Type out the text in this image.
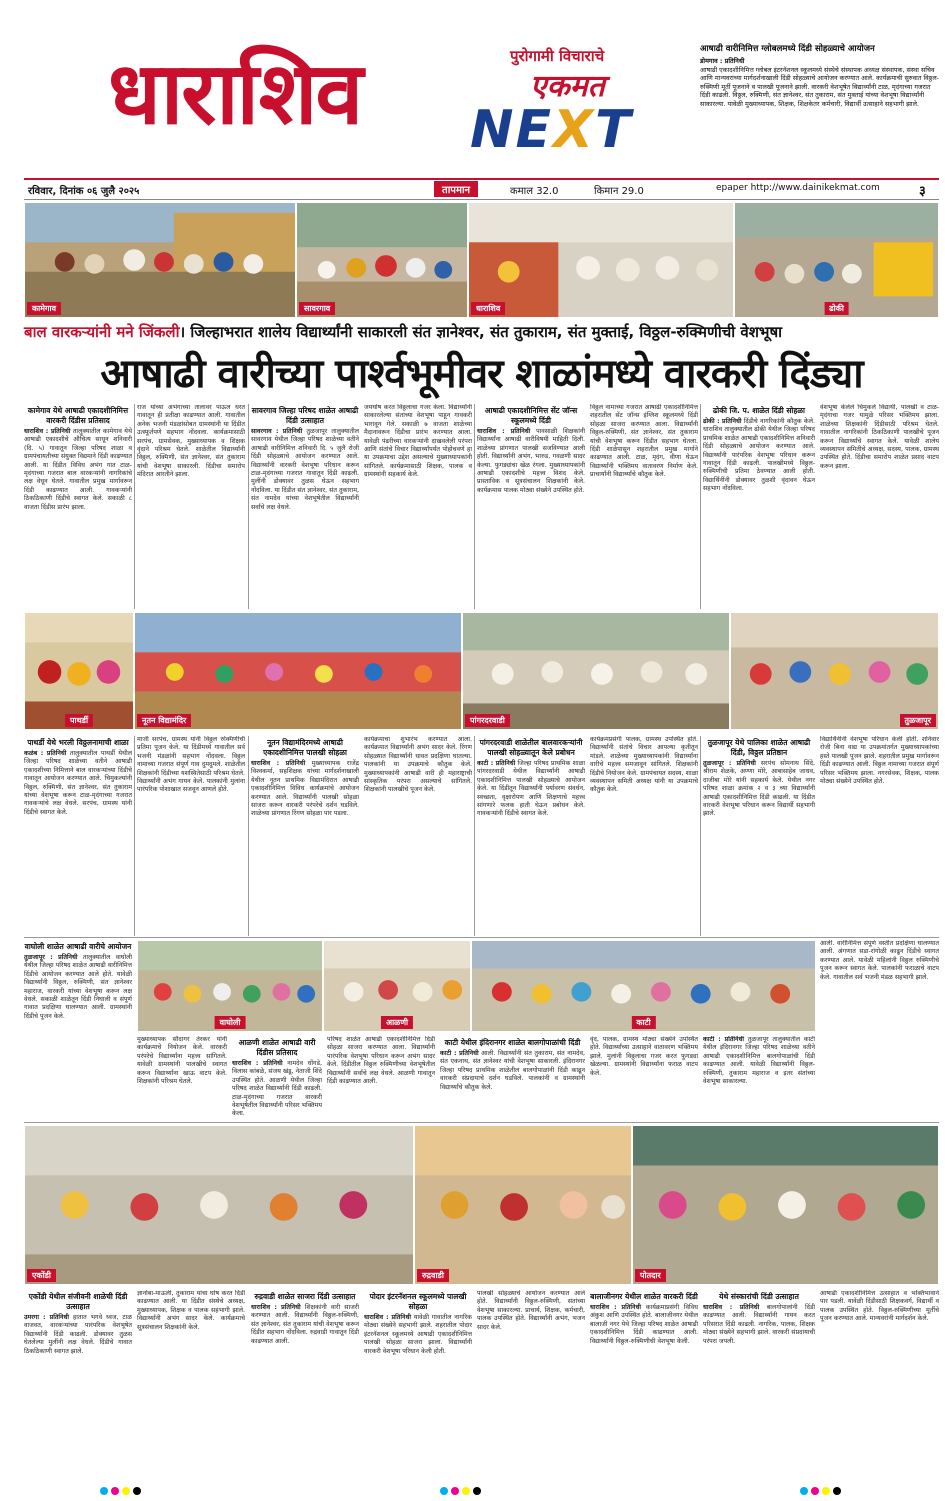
धाराशिव	पुरोगामी विचाराचे
एकमत
NEXT
आषाढी वारीनिमित्त ग्लोबलमध्ये दिंडी सोहळ्याचे आयोजन
डोमगाव : प्रतिनिधी
आषाढी एकादशीनिमित्त ग्लोबल इंटरनॅशनल स्कूलमध्ये संस्थेचे संस्थापक अध्यक्ष संस्थापक, संस्था सचिव आणि मान्यवरांच्या मार्गदर्शनाखाली दिंडी सोहळ्याचे आयोजन करण्यात आले. कार्यक्रमाची सुरुवात विठ्ठल-रुक्मिणी मूर्ती पूजनाने व पालखी पूजनाने झाली. वारकरी वेशभूषेत विद्यार्थ्यांनी टाळ, मृदंगाच्या गजरात दिंडी काढली. विठ्ठल, रुक्मिणी, संत ज्ञानेश्वर, संत तुकाराम, संत मुक्ताई यांच्या वेशभूषा विद्यार्थ्यांनी साकारल्या. यावेळी मुख्याध्यापक, शिक्षक, शिक्षकेतर कर्मचारी, विद्यार्थी उत्साहाने सहभागी झाले.
रविवार, दिनांक ०६ जुलै २०२५	तापमान	कमाल 32.0	किमान 29.0	epaper http://www.dainikekmat.com	३
कामेगाव	सावरगाव	धाराशिव	ढोकी
बाल वारकऱ्यांनी मने जिंकली। जिल्हाभरात शालेय विद्यार्थ्यांनी साकारली संत ज्ञानेश्वर, संत तुकाराम, संत मुक्ताई, विठ्ठल-रुक्मिणीची वेशभूषा
आषाढी वारीच्या पार्श्वभूमीवर शाळांमध्ये वारकरी दिंड्या
कामेगाव येथे आषाढी एकादशीनिमित्त वारकरी दिंडीस प्रतिसाद
धाराशिव : प्रतिनिधी तालुक्यातील कामेगाव येथे आषाढी एकादशीचे औचित्य साधून शनिवारी (दि. ५) गावातून जिल्हा परिषद शाळा व ग्रामपंचायतीच्या संयुक्त विद्यमाने दिंडी काढण्यात आली. या दिंडीत विविध अभंग गात टाळ-मृदंगाच्या गजरात बाल वारकऱ्यांनी नागरिकांचे लक्ष वेधून घेतले. गावातील प्रमुख मार्गावरून दिंडी काढण्यात आली. गावकऱ्यांनी ठिकठिकाणी दिंडीचे स्वागत केले. सकाळी ८ वाजता दिंडीस प्रारंभ झाला.
राज यांच्या अभंगाच्या तालावर पाऊल धरत गावातून ही प्रतीक्षा काढण्यात आली. गावातील अनेक भजनी मंडळांसोबत ग्रामस्थांनी या दिंडीत उत्स्फूर्तपणे सहभाग नोंदवला. कार्यक्रमासाठी सरपंच, ग्रामसेवक, मुख्याध्यापक व शिक्षक वृंदाने परिश्रम घेतले. शाळेतील विद्यार्थ्यांनी विठ्ठल, रुक्मिणी, संत ज्ञानेश्वर, संत तुकाराम यांची वेशभूषा साकारली. दिंडीचा समारोप मंदिरात आरतीने झाला.
सावरगाव जिल्हा परिषद शाळेत आषाढी दिंडी उत्साहात
सावरगाव : प्रतिनिधी तुळजापूर तालुक्यातील सावरगाव येथील जिल्हा परिषद शाळेच्या वतीने आषाढी वारीनिमित्त शनिवारी दि. ५ जुलै रोजी दिंडी सोहळ्याचे आयोजन करण्यात आले. विद्यार्थ्यांनी वारकरी वेशभूषा परिधान करून टाळ-मृदंगाच्या गजरात गावातून दिंडी काढली. मुलींनी डोक्यावर तुळस घेऊन सहभाग नोंदविला. या दिंडीत संत ज्ञानेश्वर, संत तुकाराम, संत नामदेव यांच्या वेशभूषेतील विद्यार्थ्यांनी सर्वांचे लक्ष वेधले.
जयघोष करत विठ्ठलाचा गजर केला. विद्यार्थ्यांनी साकारलेल्या संतांच्या वेशभूषा पाहून गावकरी भारावून गेले. सकाळी ७ वाजता शाळेच्या मैदानावरून दिंडीचा प्रारंभ करण्यात आला. यावेळी पंढरीच्या वारकऱ्यांनी दाखवलेली परंपरा आणि संतांचे विचार विद्यार्थ्यांपर्यंत पोहोचवणे हा या उपक्रमाचा उद्देश असल्याचे मुख्याध्यापकांनी सांगितले. कार्यक्रमासाठी शिक्षक, पालक व ग्रामस्थांनी सहकार्य केले.
आषाढी एकादशीनिमित्त सेंट जॉन्स स्कूलमध्ये दिंडी
धाराशिव : प्रतिनिधी पावसाळी शिक्षकांनी विद्यार्थ्यांना आषाढी वारीविषयी माहिती दिली. शाळेच्या प्रांगणात पालखी सजविण्यात आली होती. विद्यार्थ्यांनी अभंग, भारुड, गवळणी सादर केल्या. फुगड्यांचा खेळ रंगला. मुख्याध्यापकांनी आषाढी एकादशीचे महत्त्व विशद केले. प्रास्ताविक व सूत्रसंचालन शिक्षकांनी केले. कार्यक्रमास पालक मोठ्या संख्येने उपस्थित होते.
विठ्ठल नामाच्या गजरात आषाढी एकादशीनिमित्त शहरातील सेंट जॉन्स इंग्लिश स्कूलमध्ये दिंडी सोहळा साजरा करण्यात आला. विद्यार्थ्यांनी विठ्ठल-रुक्मिणी, संत ज्ञानेश्वर, संत तुकाराम यांची वेशभूषा करून दिंडीत सहभाग घेतला. दिंडी शाळेपासून शहरातील प्रमुख मार्गाने काढण्यात आली. टाळ, मृदंग, वीणा घेऊन विद्यार्थ्यांनी भक्तिमय वातावरण निर्माण केले. प्राचार्यांनी विद्यार्थ्यांचे कौतुक केले.
ढोकी जि. प. शाळेत दिंडी सोहळा
ढोकी : प्रतिनिधी दिंडीचे नागरिकांनी कौतुक केले. धाराशिव तालुक्यातील ढोकी येथील जिल्हा परिषद प्राथमिक शाळेत आषाढी एकादशीनिमित्त शनिवारी दिंडी सोहळ्याचे आयोजन करण्यात आले. विद्यार्थ्यांनी पारंपरिक वेशभूषा परिधान करून गावातून दिंडी काढली. पालखीमध्ये विठ्ठल-रुक्मिणीची प्रतिमा ठेवण्यात आली होती. विद्यार्थिनींनी डोक्यावर तुळशी वृंदावन घेऊन सहभाग नोंदविला.
वेशभूषा केलेले चिमुकले विद्यार्थी, पालखी व टाळ-मृदंगाचा गजर यामुळे परिसर भक्तिमय झाला. शाळेच्या शिक्षकांनी दिंडीसाठी परिश्रम घेतले. गावातील नागरिकांनी ठिकठिकाणी पालखीचे पूजन करून विद्यार्थ्यांचे स्वागत केले. यावेळी शालेय व्यवस्थापन समितीचे अध्यक्ष, सदस्य, पालक, ग्रामस्थ उपस्थित होते. दिंडीचा समारोप शाळेत प्रसाद वाटप करून झाला.
पाथर्डी	नूतन विद्यामंदिर	पांगरदरवाडी	तुळजापूर
पाथर्डी येथे भरली विठ्ठलनामाची शाळा
कळंब : प्रतिनिधी तालुक्यातील पाथर्डी येथील जिल्हा परिषद शाळेच्या वतीने आषाढी एकादशीच्या निमित्ताने बाल वारकऱ्यांच्या दिंडीचे गावातून आयोजन करण्यात आले. चिमुकल्यांनी विठ्ठल, रुक्मिणी, संत ज्ञानेश्वर, संत तुकाराम यांच्या वेशभूषा करून टाळ-मृदंगाच्या गजरात गावकऱ्यांचे लक्ष वेधले. सरपंच, ग्रामस्थ यांनी दिंडीचे स्वागत केले.
माजी सरपंच, ग्रामस्थ यांनी विठ्ठल रुक्मिणीची प्रतिमा पूजन केले. या दिंडीमध्ये गावातील सर्व भजनी मंडळांनी सहभाग नोंदवला. विठ्ठल नामाच्या गजरात संपूर्ण गाव दुमदुमले. शाळेतील शिक्षकांनी दिंडीच्या यशस्वितेसाठी परिश्रम घेतले. विद्यार्थ्यांनी अभंग गायन केले. पालकांनी मुलांना पारंपरिक पोशाखात सजवून आणले होते.
नूतन विद्यामंदिरमध्ये आषाढी एकादशीनिमित्त पालखी सोहळा
धाराशिव : प्रतिनिधी मुख्याध्यापक राजेंद्र विश्वकर्मा, सहशिक्षक यांच्या मार्गदर्शनाखाली येथील नूतन प्राथमिक विद्यामंदिरात आषाढी एकादशीनिमित्त विविध कार्यक्रमांचे आयोजन करण्यात आले. विद्यार्थ्यांनी पालखी सोहळा साजरा करून वारकरी परंपरेचे दर्शन घडविले. शाळेच्या प्रांगणात रिंगण सोहळा पार पडला.
कार्यक्रमाचा शुभारंभ करण्यात आला. कार्यक्रमात विद्यार्थ्यांनी अभंग सादर केले. रिंगण सोहळ्यात विद्यार्थ्यांनी धावत प्रदक्षिणा घातल्या. पालकांनी या उपक्रमाचे कौतुक केले. मुख्याध्यापकांनी आषाढी वारी ही महाराष्ट्राची सांस्कृतिक परंपरा असल्याचे सांगितले. शिक्षकांनी पालखीचे पूजन केले.
पांगरदरवाडी शाळेतील बालवारकऱ्यांनी पालखी सोहळ्यातून केले प्रबोधन
काटी : प्रतिनिधी जिल्हा परिषद प्राथमिक शाळा पांगरदरवाडी येथील विद्यार्थ्यांनी आषाढी एकादशीनिमित्त पालखी सोहळ्याचे आयोजन केले. या दिंडीतून विद्यार्थ्यांनी पर्यावरण संवर्धन, स्वच्छता, वृक्षारोपण आणि शिक्षणाचे महत्त्व सांगणारे फलक हाती घेऊन प्रबोधन केले. गावकऱ्यांनी दिंडीचे स्वागत केले.
कार्यक्रमप्रसंगी पालक, ग्रामस्थ उपस्थित होते. विद्यार्थ्यांनी संतांचे विचार आपल्या कृतीतून मांडले. शाळेच्या मुख्याध्यापकांनी विद्यार्थ्यांना वारीचे महत्त्व समजावून सांगितले. शिक्षकांनी दिंडीचे नियोजन केले. ग्रामपंचायत सदस्य, शाळा व्यवस्थापन समिती अध्यक्ष यांनी या उपक्रमाचे कौतुक केले.
तुळजापूर येथे पालिका शाळेत आषाढी दिंडी, विठ्ठल प्रतिष्ठान
तुळजापूर : प्रतिनिधी सरपंच सोमनाथ सिंदे, श्रीराम शेळके, अण्णा मोरे, आबासाहेब जाधव, दाजीबा मोरे यांनी सहकार्य केले. येथील नगर परिषद शाळा क्रमांक २ व ३ च्या विद्यार्थ्यांनी आषाढी एकादशीनिमित्त दिंडी काढली. या दिंडीत वारकरी वेशभूषा परिधान करून विद्यार्थी सहभागी झाले.
विद्यार्थिनींनी वेशभूषा परिधान केली होती. शनिवार रोजी बिना वाद्य या उपक्रमांतर्गत मुख्याध्यापकांच्या हस्ते पालखी पूजन झाले. शहरातील प्रमुख मार्गावरून दिंडी काढण्यात आली. विठ्ठल नामाच्या गजरात संपूर्ण परिसर भक्तिमय झाला. नगरसेवक, शिक्षक, पालक मोठ्या संख्येने उपस्थित होते.
वाघोली शाळेत आषाढी वारीचे आयोजन
तुळजापूर : प्रतिनिधी तालुक्यातील वाघोली येथील जिल्हा परिषद शाळेत आषाढी वारीनिमित्त दिंडीचे आयोजन करण्यात आले होते. यावेळी विद्यार्थ्यांनी विठ्ठल, रुक्मिणी, संत ज्ञानेश्वर महाराज, वारकरी यांच्या वेशभूषा करून लक्ष वेधले. सकाळी शाळेतून दिंडी निघाली व संपूर्ण गावात प्रदक्षिणा घालण्यात आली. ग्रामस्थांनी दिंडीचे पूजन केले.
वाघोली	आळणी	काटी
आली. वारीनिमित्त संपूर्ण वस्तीत प्रदक्षिणा घालण्यात आली. अंगणात सडा-रांगोळी काढून दिंडीचे स्वागत करण्यात आले. यावेळी महिलांनी विठ्ठल रुक्मिणीचे पूजन करून स्वागत केले. पालकांनी फराळाचे वाटप केले. गावातील सर्व भजनी मंडळ सहभागी झाले.
मुख्याध्यापक सौदागर तेरकर यांनी कार्यक्रमाचे नियोजन केले. वारकरी परंपरेचे विद्यार्थ्यांना महत्त्व सांगितले. यावेळी ग्रामस्थांनी पालखीचे स्वागत करून विद्यार्थ्यांना खाऊ वाटप केले. शिक्षकांनी परिश्रम घेतले.
आळणी शाळेत आषाढी वारी दिंडीस प्रतिसाद
धाराशिव : प्रतिनिधी नामदेव धोंगडे, विलास कांबळे, संजय खंडू, नेताजी शिंदे उपस्थित होते. आळणी येथील जिल्हा परिषद शाळेत विद्यार्थ्यांनी दिंडी काढली. टाळ-मृदंगाच्या गजरात वारकरी वेशभूषेतील विद्यार्थ्यांनी परिसर भक्तिमय केला.
परिषद शाळेत आषाढी एकादशीनिमित्त दिंडी सोहळा साजरा करण्यात आला. विद्यार्थ्यांनी पारंपरिक वेशभूषा परिधान करून अभंग सादर केले. दिंडीतील विठ्ठल रुक्मिणीच्या वेशभूषेतील विद्यार्थ्यांनी सर्वांचे लक्ष वेधले. आळणी गावातून दिंडी काढण्यात आली.
काटी येथील इंदिरानगर शाळेत बालगोपाळांची दिंडी
काटी : प्रतिनिधी आली. विद्यार्थ्यांनी संत तुकाराम, संत नामदेव, संत एकनाथ, संत ज्ञानेश्वर यांची वेशभूषा साकारली. इंदिरानगर जिल्हा परिषद प्राथमिक शाळेतील बालगोपाळांनी दिंडी काढून वारकरी संप्रदायाचे दर्शन घडविले. पालकांनी व ग्रामस्थांनी विद्यार्थ्यांचे कौतुक केले.
वृंद, पालक, ग्रामस्थ मोठ्या संख्येने उपस्थित होते. विद्यार्थ्यांच्या उत्साहाने वातावरण भक्तिमय झाले. मुलांनी विठ्ठलाचा गजर करत फुगड्या खेळल्या. ग्रामस्थांनी विद्यार्थ्यांना फराळ वाटप केले.
काटी : प्रतिनिधी तुळजापूर तालुक्यातील काटी येथील इंदिरानगर जिल्हा परिषद शाळेच्या वतीने आषाढी एकादशीनिमित्त बालगोपाळांची दिंडी काढण्यात आली. यावेळी विद्यार्थ्यांनी विठ्ठल-रुक्मिणी, तुकाराम महाराज व इतर संतांच्या वेशभूषा साकारल्या.
एकोंडी	रुद्रवाडी	पोतदार
एकोंडी येथील संजीवनी शाळेची दिंडी उत्साहात
उमरगा : प्रतिनिधी हातात भगवे ध्वज, टाळ वाजवत, वारकऱ्यांच्या पारंपरिक वेशभूषेत विद्यार्थ्यांनी दिंडी काढली. डोक्यावर तुळस घेतलेल्या मुलींनी लक्ष वेधले. दिंडीचे गावात ठिकठिकाणी स्वागत झाले.
ज्ञानोबा-माऊली, तुकाराम यांचा घोष करत दिंडी काढण्यात आली. या दिंडीत संस्थेचे अध्यक्ष, मुख्याध्यापक, शिक्षक व पालक सहभागी झाले. विद्यार्थ्यांनी अभंग सादर केले. कार्यक्रमाचे सूत्रसंचालन शिक्षकांनी केले.
रुद्रवाडी शाळेत साजरा दिंडी उत्साहात
धाराशिव : प्रतिनिधी शिक्षकांनी वारी साजरी करण्यात आली. विद्यार्थ्यांनी विठ्ठल-रुक्मिणी, संत ज्ञानेश्वर, संत तुकाराम यांची वेशभूषा करून दिंडीत सहभाग नोंदविला. रुद्रवाडी गावातून दिंडी काढण्यात आली.
पोदार इंटरनॅशनल स्कूलमध्ये पालखी सोहळा
धाराशिव : प्रतिनिधी यावेळी गावातील नागरिक मोठ्या संख्येने सहभागी झाले. शहरातील पोदार इंटरनॅशनल स्कूलमध्ये आषाढी एकादशीनिमित्त पालखी सोहळा साजरा झाला. विद्यार्थ्यांनी वारकरी वेशभूषा परिधान केली होती.
पालखी सोहळ्याचे आयोजन करण्यात आले होते. विद्यार्थ्यांनी विठ्ठल-रुक्मिणी, संतांच्या वेशभूषा साकारल्या. प्राचार्य, शिक्षक, कर्मचारी, पालक उपस्थित होते. विद्यार्थ्यांनी अभंग, भजन सादर केले.
बालाजीनगर येथील शाळेत वारकरी दिंडी
धाराशिव : प्रतिनिधी कार्यक्रमाप्रसंगी विविध अंकुश आणि उपस्थित होते. बालाजीनगर येथील बालाजी नगर येथे जिल्हा परिषद शाळेत आषाढी एकादशीनिमित्त दिंडी काढण्यात आली. विद्यार्थ्यांनी विठ्ठल-रुक्मिणीची वेशभूषा केली.
येथे संस्कारांची दिंडी उत्साहात
धाराशिव : प्रतिनिधी बालगोपालांनी दिंडी काढण्यात आली. विद्यार्थ्यांनी गायन करत परिसरात दिंडी काढली. नागरिक, पालक, शिक्षक मोठ्या संख्येने सहभागी झाले. वारकरी संप्रदायाची परंपरा जपली.
आषाढी एकादशीनिमित्त उत्साहात व भक्तिभावाने पार पडली. यावेळी दिंडीसाठी शिक्षकवर्ग, विद्यार्थी व पालक उपस्थित होते. विठ्ठल-रुक्मिणीच्या मूर्तीचे पूजन करण्यात आले. मान्यवरांनी मार्गदर्शन केले.
